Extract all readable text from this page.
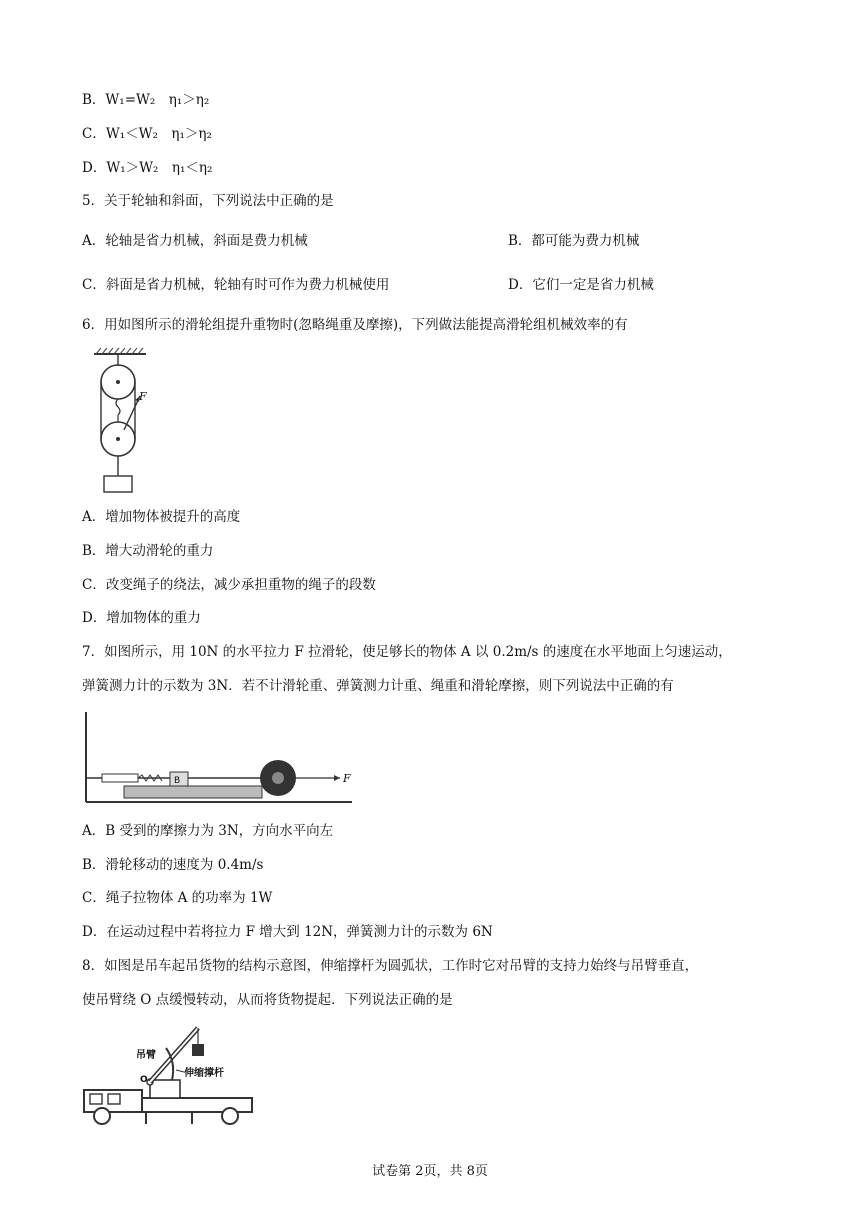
B．W₁=W₂　η₁＞η₂
C．W₁＜W₂　η₁＞η₂
D．W₁＞W₂　η₁＜η₂
5．关于轮轴和斜面，下列说法中正确的是
A．轮轴是省力机械，斜面是费力机械	B．都可能为费力机械
C．斜面是省力机械，轮轴有时可作为费力机械使用	D．它们一定是省力机械
6．用如图所示的滑轮组提升重物时(忽略绳重及摩擦)，下列做法能提高滑轮组机械效率的有
F
A．增加物体被提升的高度
B．增大动滑轮的重力
C．改变绳子的绕法，减少承担重物的绳子的段数
D．增加物体的重力
7．如图所示，用 10N 的水平拉力 F 拉滑轮，使足够长的物体 A 以 0.2m/s 的速度在水平地面上匀速运动，
弹簧测力计的示数为 3N．若不计滑轮重、弹簧测力计重、绳重和滑轮摩擦，则下列说法中正确的有
B	F
A．B 受到的摩擦力为 3N，方向水平向左
B．滑轮移动的速度为 0.4m/s
C．绳子拉物体 A 的功率为 1W
D．在运动过程中若将拉力 F 增大到 12N，弹簧测力计的示数为 6N
8．如图是吊车起吊货物的结构示意图，伸缩撑杆为圆弧状，工作时它对吊臂的支持力始终与吊臂垂直，
使吊臂绕 O 点缓慢转动，从而将货物提起．下列说法正确的是
吊臂
O
伸缩撑杆
试卷第 2页，共 8页
